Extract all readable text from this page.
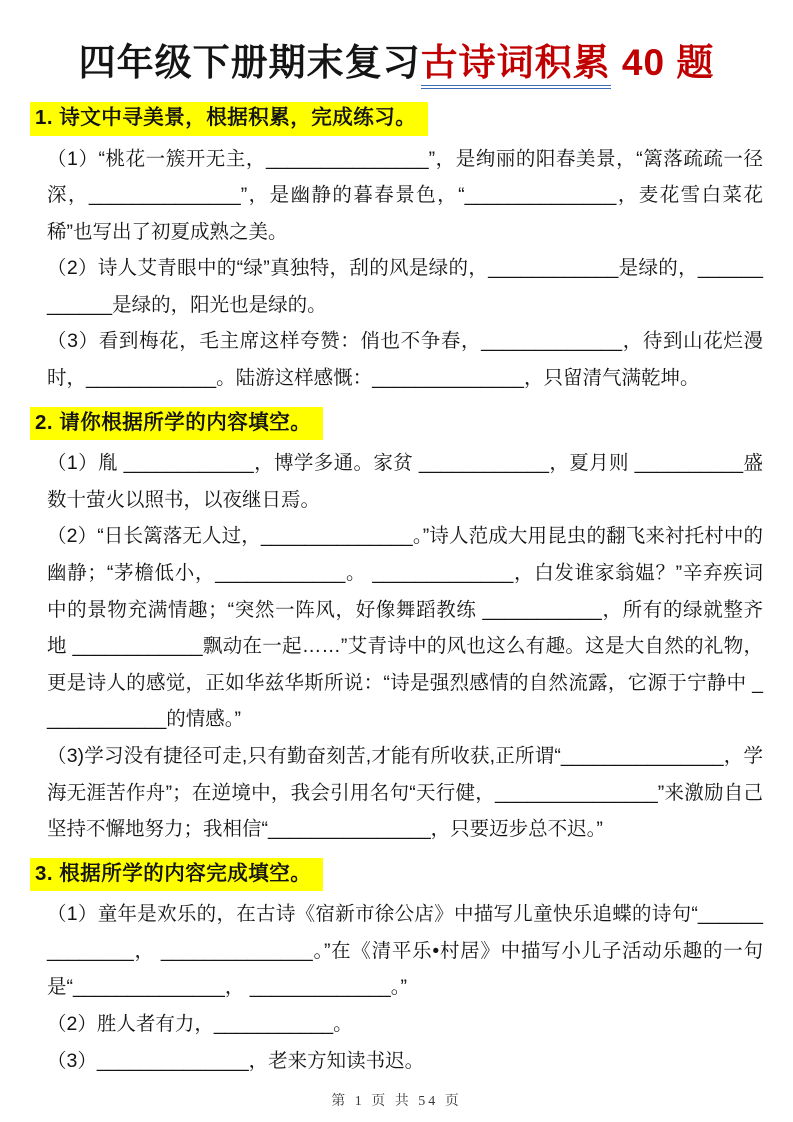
四年级下册期末复习古诗词积累 40 题
1. 诗文中寻美景，根据积累，完成练习。

（1）“桃花一簇开无主，_______________”，是绚丽的阳春美景，“篱落疏疏一径深，______________”，是幽静的暮春景色，“______________，麦花雪白菜花稀”也写出了初夏成熟之美。

（2）诗人艾青眼中的“绿”真独特，刮的风是绿的，____________是绿的，____________是绿的，阳光也是绿的。

（3）看到梅花，毛主席这样夸赞：俏也不争春，_____________，待到山花烂漫时，____________。陆游这样感慨：______________，只留清气满乾坤。

2. 请你根据所学的内容填空。

（1）胤 ____________，博学多通。家贫 ____________，夏月则 __________盛数十萤火以照书，以夜继日焉。

（2）“日长篱落无人过，______________。”诗人范成大用昆虫的翻飞来衬托村中的幽静；“茅檐低小，____________。 _____________，白发谁家翁媪？”辛弃疾词中的景物充满情趣；“突然一阵风，好像舞蹈教练 ___________，所有的绿就整齐地 ____________飘动在一起……”艾青诗中的风也这么有趣。这是大自然的礼物，更是诗人的感觉，正如华兹华斯所说：“诗是强烈感情的自然流露，它源于宁静中 ____________的情感。”

（3)学习没有捷径可走,只有勤奋刻苦,才能有所收获,正所谓“_______________，学海无涯苦作舟”；在逆境中，我会引用名句“天行健，_______________”来激励自己坚持不懈地努力；我相信“_______________，只要迈步总不迟。”

3. 根据所学的内容完成填空。

（1）童年是欢乐的，在古诗《宿新市徐公店》中描写儿童快乐追蝶的诗句“______________， ______________。”在《清平乐•村居》中描写小儿子活动乐趣的一句是“______________， _____________。”

（2）胜人者有力，___________。

（3）______________，老来方知读书迟。

第 1 页 共 54 页
